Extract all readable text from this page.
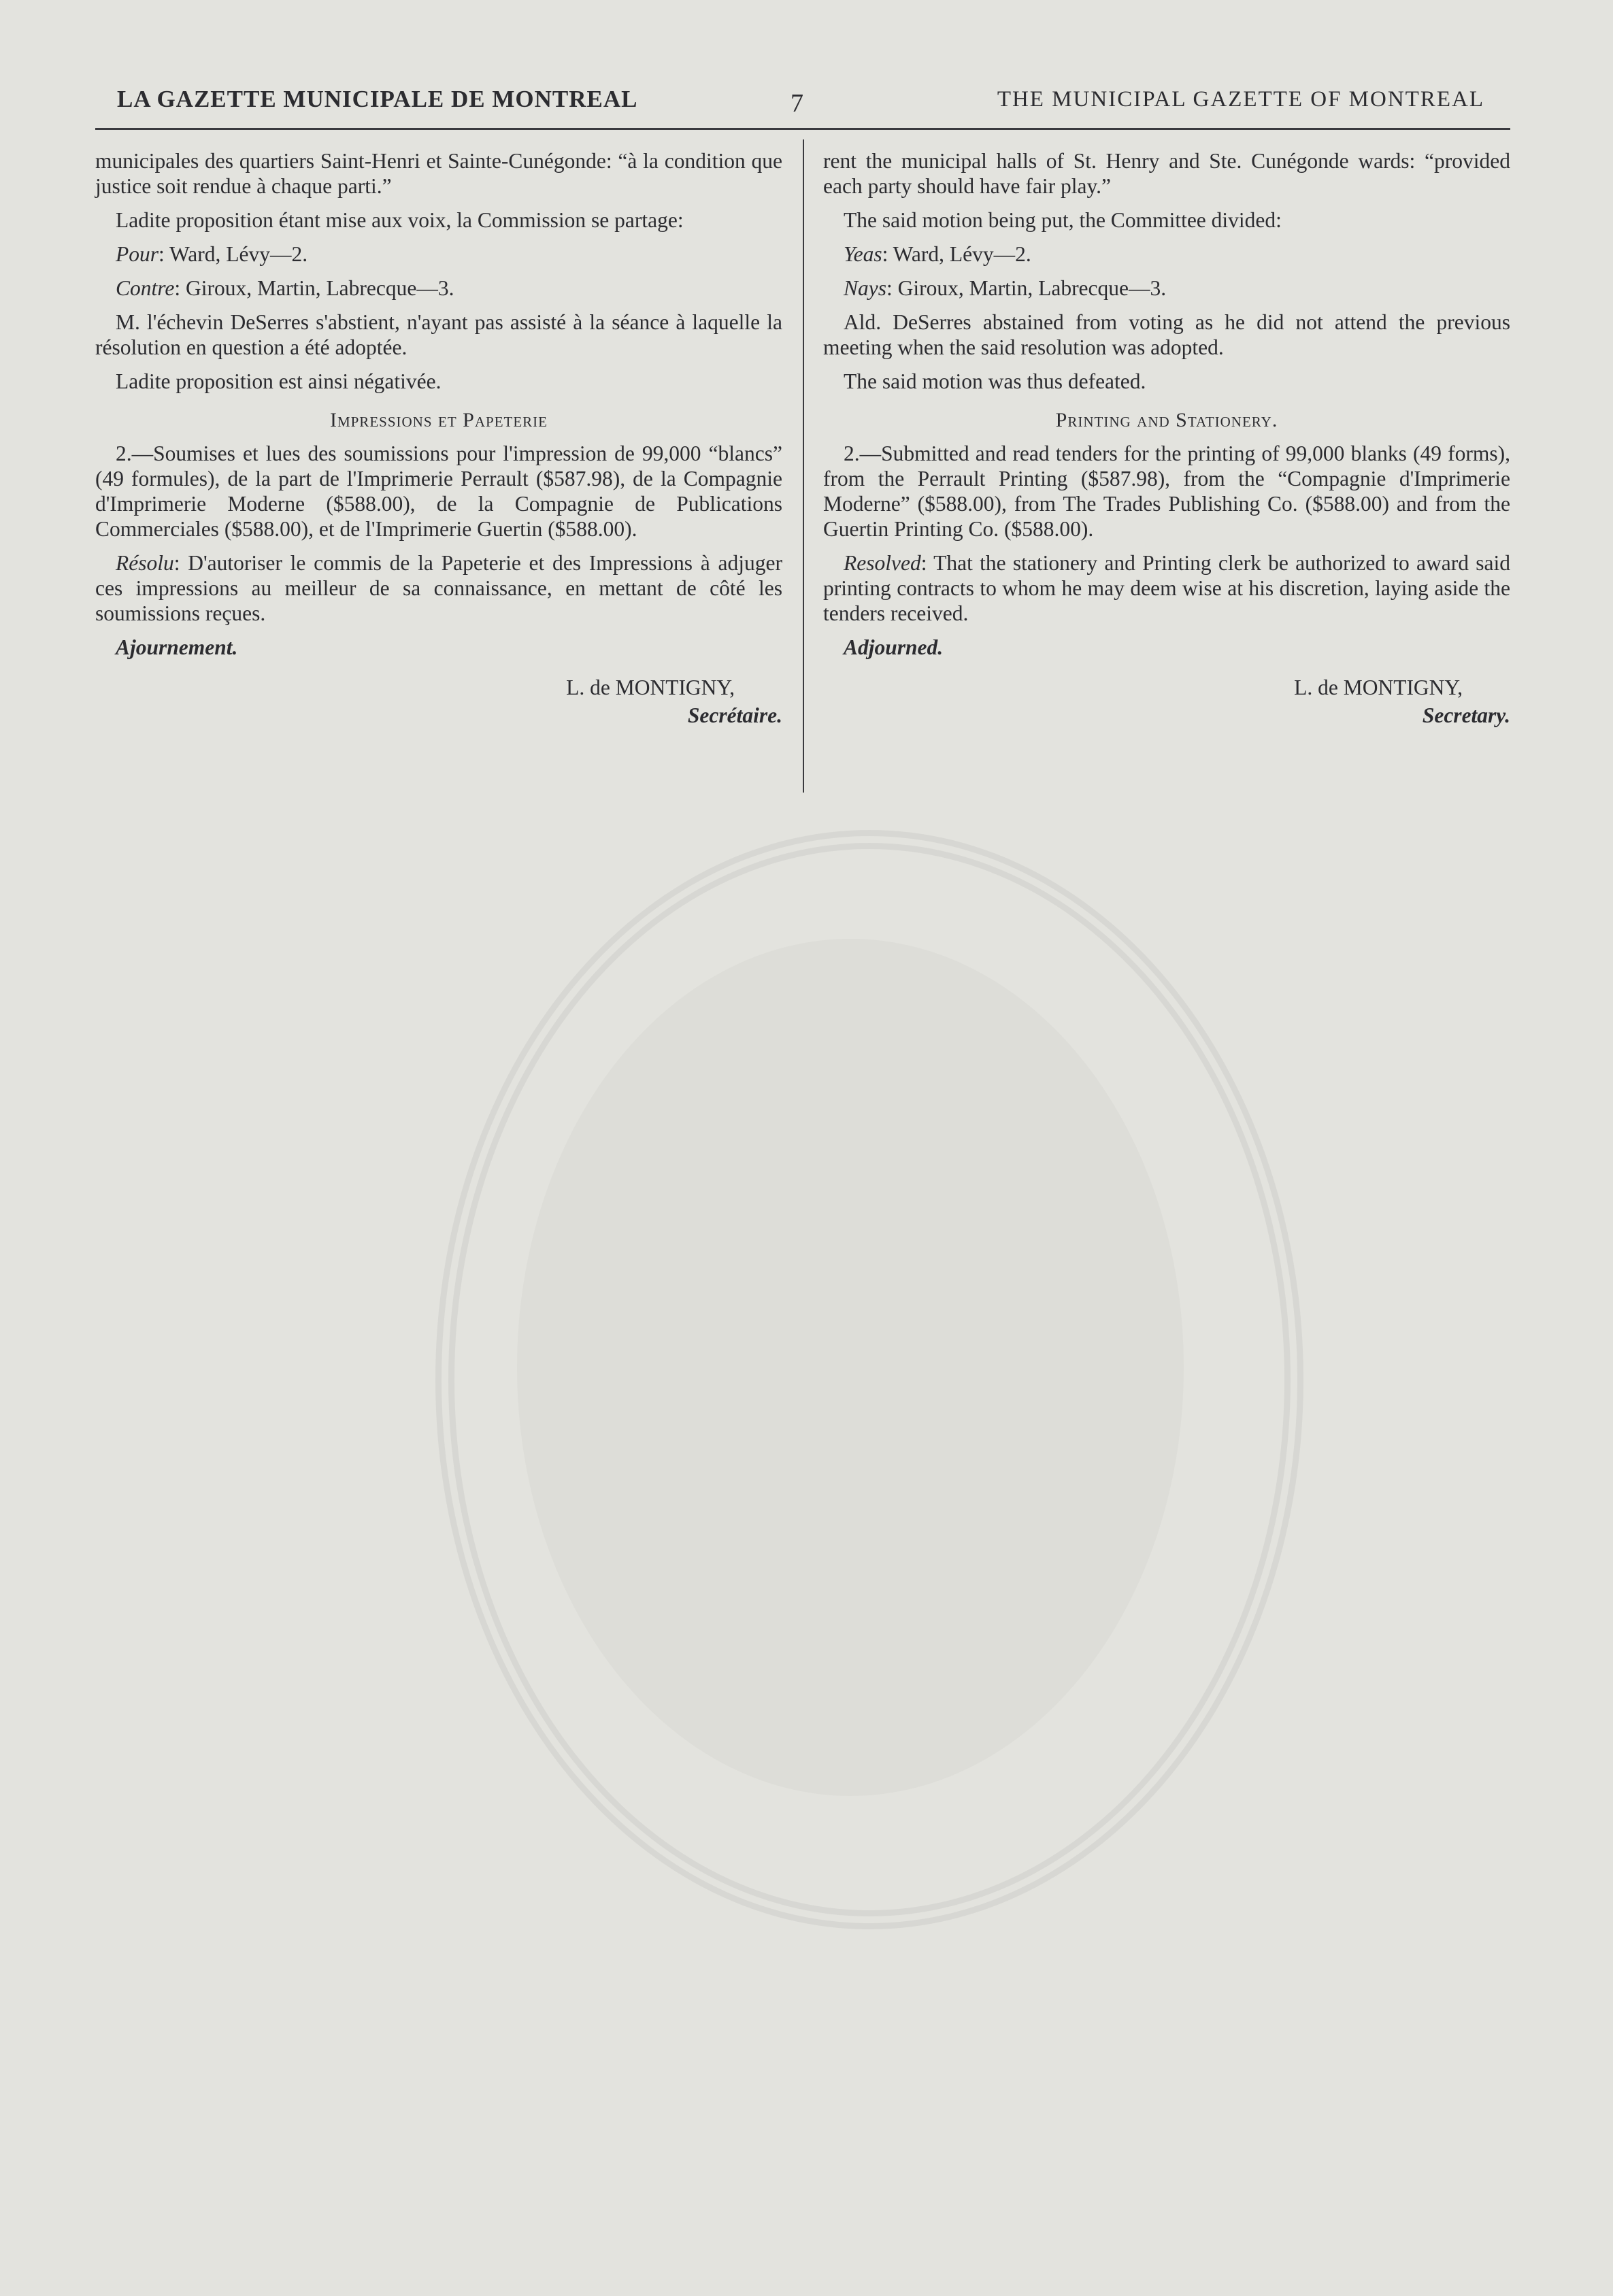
LA GAZETTE MUNICIPALE DE MONTREAL	7	THE MUNICIPAL GAZETTE OF MONTREAL

municipales des quartiers Saint-Henri et Sainte-Cunégonde: “à la condition que justice soit rendue à chaque parti.”

Ladite proposition étant mise aux voix, la Commission se partage:

Pour: Ward, Lévy—2.

Contre: Giroux, Martin, Labrecque—3.

M. l'échevin DeSerres s'abstient, n'ayant pas assisté à la séance à laquelle la résolution en question a été adoptée.

Ladite proposition est ainsi négativée.

Impressions et Papeterie

2.—Soumises et lues des soumissions pour l'impression de 99,000 “blancs” (49 formules), de la part de l'Imprimerie Perrault ($587.98), de la Compagnie d'Imprimerie Moderne ($588.00), de la Compagnie de Publications Commerciales ($588.00), et de l'Imprimerie Guertin ($588.00).

Résolu: D'autoriser le commis de la Papeterie et des Impressions à adjuger ces impressions au meilleur de sa connaissance, en mettant de côté les soumissions reçues.

Ajournement.
L. de MONTIGNY,
Secrétaire.

rent the municipal halls of St. Henry and Ste. Cunégonde wards: “provided each party should have fair play.”

The said motion being put, the Committee divided:

Yeas: Ward, Lévy—2.

Nays: Giroux, Martin, Labrecque—3.

Ald. DeSerres abstained from voting as he did not attend the previous meeting when the said resolution was adopted.

The said motion was thus defeated.

Printing and Stationery.

2.—Submitted and read tenders for the printing of 99,000 blanks (49 forms), from the Perrault Printing ($587.98), from the “Compagnie d'Imprimerie Moderne” ($588.00), from The Trades Publishing Co. ($588.00) and from the Guertin Printing Co. ($588.00).

Resolved: That the stationery and Printing clerk be authorized to award said printing contracts to whom he may deem wise at his discretion, laying aside the tenders received.

Adjourned.
L. de MONTIGNY,
Secretary.
